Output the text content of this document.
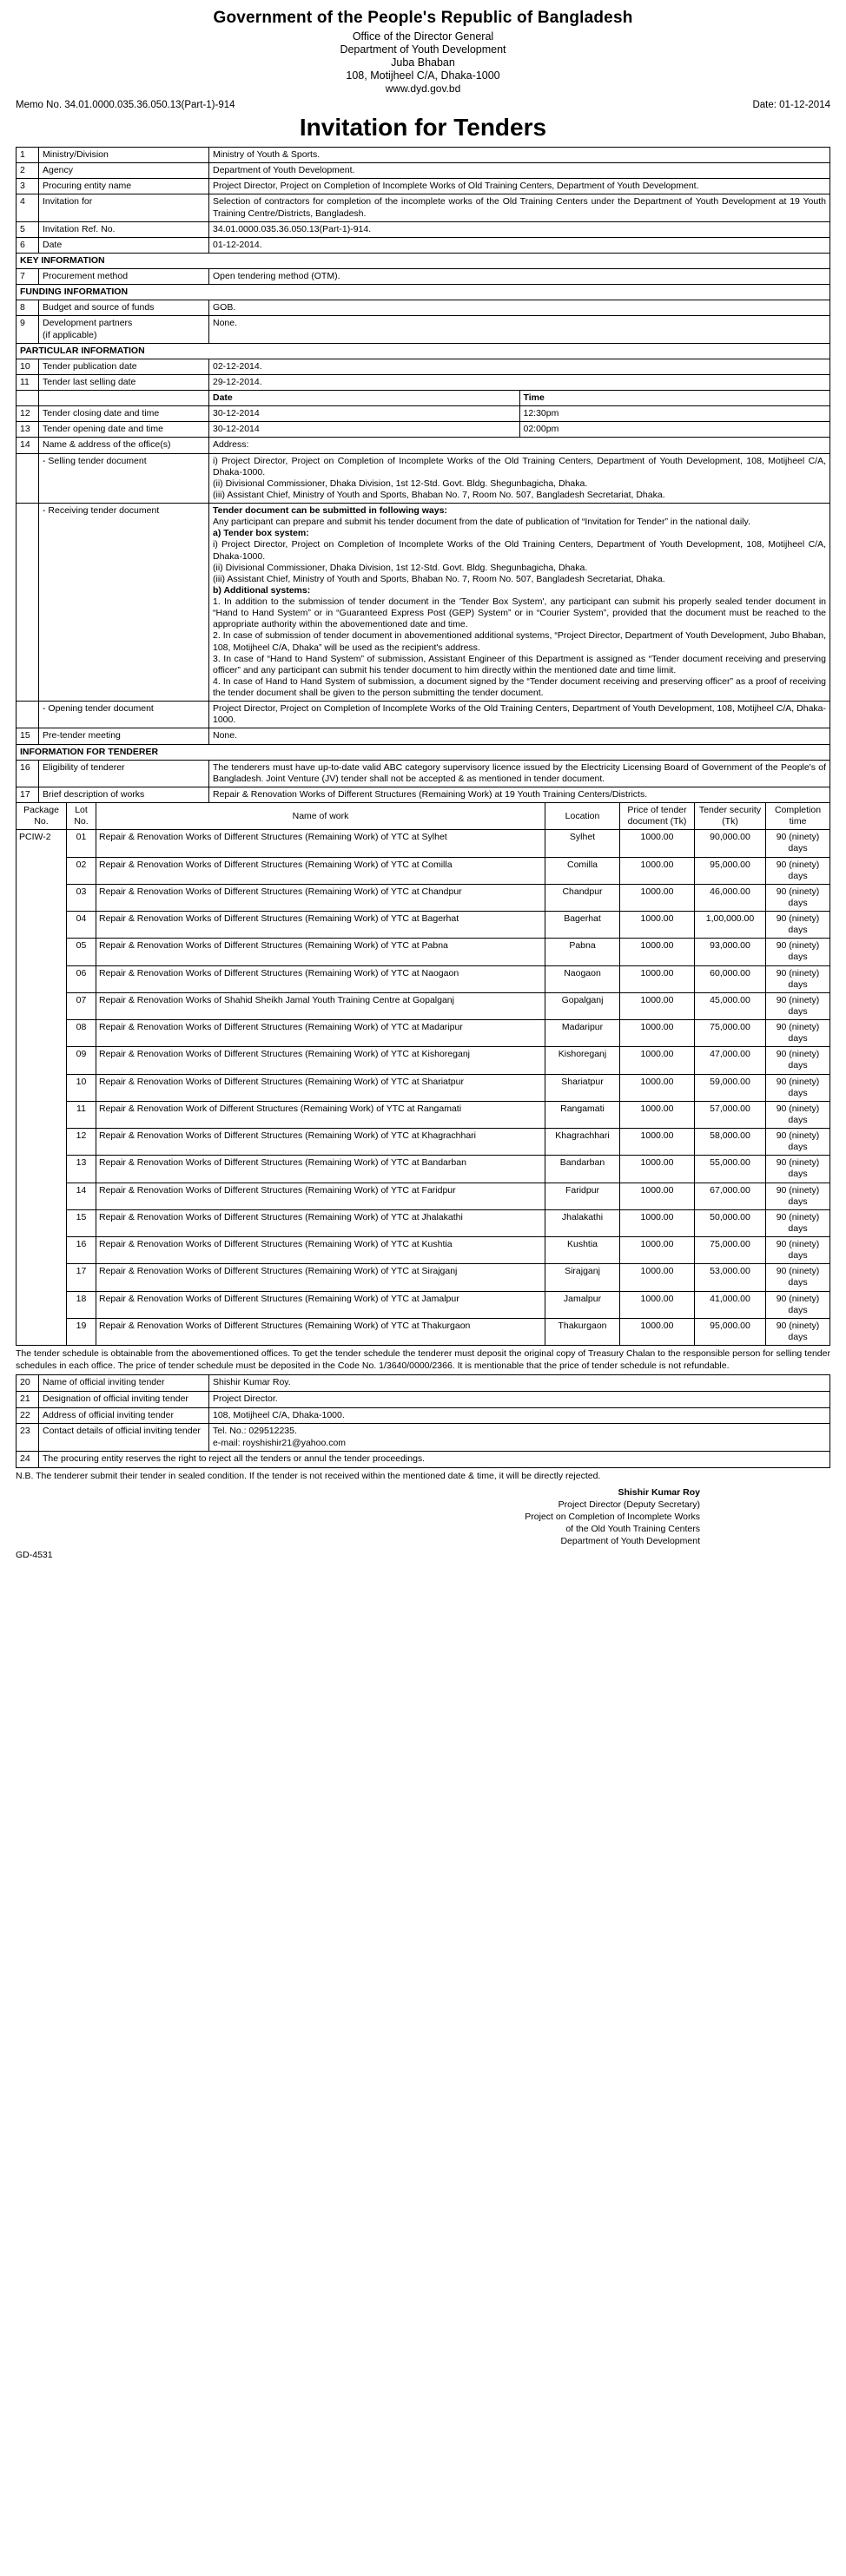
Government of the People's Republic of Bangladesh
Office of the Director General
Department of Youth Development
Juba Bhaban
108, Motijheel C/A, Dhaka-1000
www.dyd.gov.bd
Memo No. 34.01.0000.035.36.050.13(Part-1)-914	Date: 01-12-2014
Invitation for Tenders
1	Ministry/Division	Ministry of Youth & Sports.
2	Agency	Department of Youth Development.
3	Procuring entity name	Project Director, Project on Completion of Incomplete Works of Old Training Centers, Department of Youth Development.
4	Invitation for	Selection of contractors for completion of the incomplete works of the Old Training Centers under the Department of Youth Development at 19 Youth Training Centre/Districts, Bangladesh.
5	Invitation Ref. No.	34.01.0000.035.36.050.13(Part-1)-914.
6	Date	01-12-2014.
KEY INFORMATION
7	Procurement method	Open tendering method (OTM).
FUNDING INFORMATION
8	Budget and source of funds	GOB.
9	Development partners
(if applicable)
	None.
PARTICULAR INFORMATION
10	Tender publication date	02-12-2014.
11	Tender last selling date	29-12-2014.

Date	Time

12	Tender closing date and time		30-12-2014	12:30pm

13	Tender opening date and time		30-12-2014	02:00pm

14	Name & address of the office(s)	Address:
	- Selling tender document	i) Project Director, Project on Completion of Incomplete Works of the Old Training Centers, Department of Youth Development, 108, Motijheel C/A, Dhaka-1000.
(ii) Divisional Commissioner, Dhaka Division, 1st 12-Std. Govt. Bldg. Shegunbagicha, Dhaka.
(iii) Assistant Chief, Ministry of Youth and Sports, Bhaban No. 7, Room No. 507, Bangladesh Secretariat, Dhaka.

	- Receiving tender document	Tender document can be submitted in following ways:
Any participant can prepare and submit his tender document from the date of publication of “Invitation for Tender” in the national daily.
a) Tender box system:
i) Project Director, Project on Completion of Incomplete Works of the Old Training Centers, Department of Youth Development, 108, Motijheel C/A, Dhaka-1000.
(ii) Divisional Commissioner, Dhaka Division, 1st 12-Std. Govt. Bldg. Shegunbagicha, Dhaka.
(iii) Assistant Chief, Ministry of Youth and Sports, Bhaban No. 7, Room No. 507, Bangladesh Secretariat, Dhaka.
b) Additional systems:
1. In addition to the submission of tender document in the 'Tender Box System', any participant can submit his properly sealed tender document in “Hand to Hand System” or in “Guaranteed Express Post (GEP) System” or in “Courier System”, provided that the document must be reached to the appropriate authority within the abovementioned date and time.
2. In case of submission of tender document in abovementioned additional systems, “Project Director, Department of Youth Development, Jubo Bhaban, 108, Motijheel C/A, Dhaka” will be used as the recipient's address.
3. In case of “Hand to Hand System” of submission, Assistant Engineer of this Department is assigned as “Tender document receiving and preserving officer” and any participant can submit his tender document to him directly within the mentioned date and time limit.
4. In case of Hand to Hand System of submission, a document signed by the “Tender document receiving and preserving officer” as a proof of receiving the tender document shall be given to the person submitting the tender document.

	- Opening tender document	Project Director, Project on Completion of Incomplete Works of the Old Training Centers, Department of Youth Development, 108, Motijheel C/A, Dhaka-1000.
15	Pre-tender meeting	None.
INFORMATION FOR TENDERER
16	Eligibility of tenderer	The tenderers must have up-to-date valid ABC category supervisory licence issued by the Electricity Licensing Board of Government of the People's of Bangladesh. Joint Venture (JV) tender shall not be accepted & as mentioned in tender document.
17	Brief description of works	Repair & Renovation Works of Different Structures (Remaining Work) at 19 Youth Training Centers/Districts.
Package No.	Lot No.	Name of work	Location	Price of tender document (Tk)	Tender security (Tk)	Completion time
PCIW-2	01	Repair & Renovation Works of Different Structures (Remaining Work) of YTC at Sylhet	Sylhet	1000.00	90,000.00	90 (ninety) days
	02	Repair & Renovation Works of Different Structures (Remaining Work) of YTC at Comilla	Comilla	1000.00	95,000.00	90 (ninety) days
	03	Repair & Renovation Works of Different Structures (Remaining Work) of YTC at Chandpur	Chandpur	1000.00	46,000.00	90 (ninety) days
	04	Repair & Renovation Works of Different Structures (Remaining Work) of YTC at Bagerhat	Bagerhat	1000.00	1,00,000.00	90 (ninety) days
	05	Repair & Renovation Works of Different Structures (Remaining Work) of YTC at Pabna	Pabna	1000.00	93,000.00	90 (ninety) days
	06	Repair & Renovation Works of Different Structures (Remaining Work) of YTC at Naogaon	Naogaon	1000.00	60,000.00	90 (ninety) days
	07	Repair & Renovation Works of Shahid Sheikh Jamal Youth Training Centre at Gopalganj	Gopalganj	1000.00	45,000.00	90 (ninety) days
	08	Repair & Renovation Works of Different Structures (Remaining Work) of YTC at Madaripur	Madaripur	1000.00	75,000.00	90 (ninety) days
	09	Repair & Renovation Works of Different Structures (Remaining Work) of YTC at Kishoreganj	Kishoreganj	1000.00	47,000.00	90 (ninety) days
	10	Repair & Renovation Works of Different Structures (Remaining Work) of YTC at Shariatpur	Shariatpur	1000.00	59,000.00	90 (ninety) days
	11	Repair & Renovation Work of Different Structures (Remaining Work) of YTC at Rangamati	Rangamati	1000.00	57,000.00	90 (ninety) days
	12	Repair & Renovation Works of Different Structures (Remaining Work) of YTC at Khagrachhari	Khagrachhari	1000.00	58,000.00	90 (ninety) days
	13	Repair & Renovation Works of Different Structures (Remaining Work) of YTC at Bandarban	Bandarban	1000.00	55,000.00	90 (ninety) days
	14	Repair & Renovation Works of Different Structures (Remaining Work) of YTC at Faridpur	Faridpur	1000.00	67,000.00	90 (ninety) days
	15	Repair & Renovation Works of Different Structures (Remaining Work) of YTC at Jhalakathi	Jhalakathi	1000.00	50,000.00	90 (ninety) days
	16	Repair & Renovation Works of Different Structures (Remaining Work) of YTC at Kushtia	Kushtia	1000.00	75,000.00	90 (ninety) days
	17	Repair & Renovation Works of Different Structures (Remaining Work) of YTC at Sirajganj	Sirajganj	1000.00	53,000.00	90 (ninety) days
	18	Repair & Renovation Works of Different Structures (Remaining Work) of YTC at Jamalpur	Jamalpur	1000.00	41,000.00	90 (ninety) days
	19	Repair & Renovation Works of Different Structures (Remaining Work) of YTC at Thakurgaon	Thakurgaon	1000.00	95,000.00	90 (ninety) days
The tender schedule is obtainable from the abovementioned offices. To get the tender schedule the tenderer must deposit the original copy of Treasury Chalan to the responsible person for selling tender schedules in each office. The price of tender schedule must be deposited in the Code No. 1/3640/0000/2366. It is mentionable that the price of tender schedule is not refundable.
20	Name of official inviting tender	Shishir Kumar Roy.
21	Designation of official inviting tender	Project Director.
22	Address of official inviting tender	108, Motijheel C/A, Dhaka-1000.
23	Contact details of official inviting tender	Tel. No.: 029512235.
e-mail: royshishir21@yahoo.com

24	The procuring entity reserves the right to reject all the tenders or annul the tender proceedings.	
N.B. The tenderer submit their tender in sealed condition. If the tender is not received within the mentioned date & time, it will be directly rejected.
Shishir Kumar Roy
Project Director (Deputy Secretary)
Project on Completion of Incomplete Works
of the Old Youth Training Centers
Department of Youth Development
GD-4531
